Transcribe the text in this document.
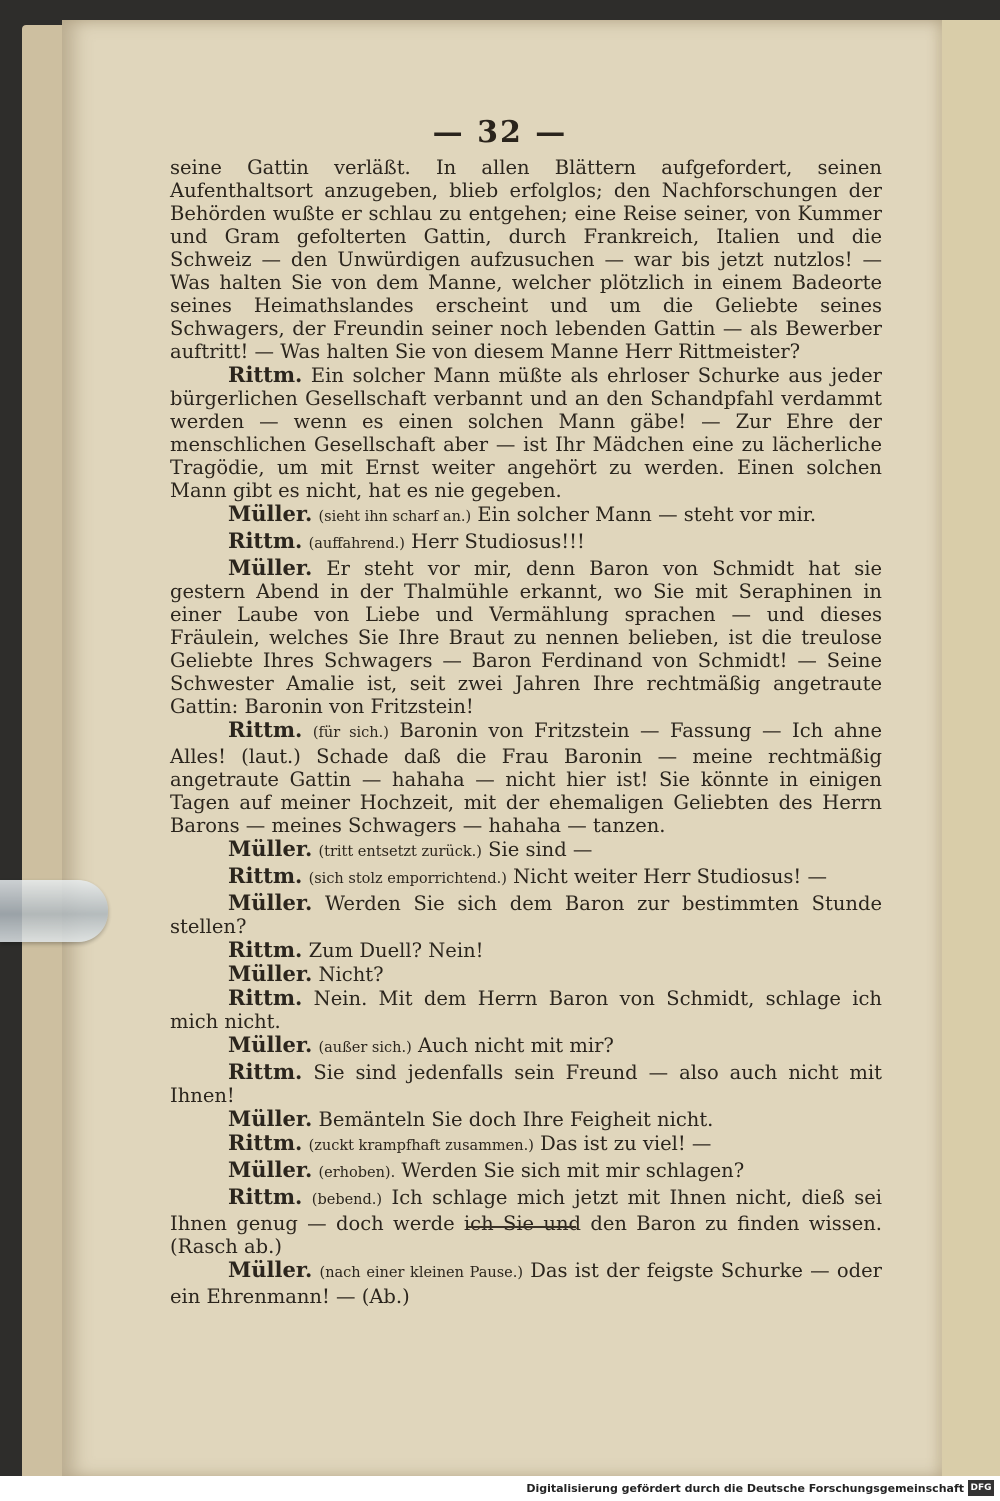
— 32 —

seine Gattin verläßt. In allen Blättern aufgefordert, seinen Aufenthaltsort anzugeben, blieb erfolglos; den Nachforschungen der Behörden wußte er schlau zu entgehen; eine Reise seiner, von Kummer und Gram gefolterten Gattin, durch Frankreich, Italien und die Schweiz — den Unwürdigen aufzusuchen — war bis jetzt nutzlos! — Was halten Sie von dem Manne, welcher plötzlich in einem Badeorte seines Heimathslandes erscheint und um die Geliebte seines Schwagers, der Freundin seiner noch lebenden Gattin — als Bewerber auftritt! — Was halten Sie von diesem Manne Herr Rittmeister?

Rittm. Ein solcher Mann müßte als ehrloser Schurke aus jeder bürgerlichen Gesellschaft verbannt und an den Schandpfahl verdammt werden — wenn es einen solchen Mann gäbe! — Zur Ehre der menschlichen Gesellschaft aber — ist Ihr Mädchen eine zu lächerliche Tragödie, um mit Ernst weiter angehört zu werden. Einen solchen Mann gibt es nicht, hat es nie gegeben.

Müller. (sieht ihn scharf an.) Ein solcher Mann — steht vor mir.

Rittm. (auffahrend.) Herr Studiosus!!!

Müller. Er steht vor mir, denn Baron von Schmidt hat sie gestern Abend in der Thalmühle erkannt, wo Sie mit Seraphinen in einer Laube von Liebe und Vermählung sprachen — und dieses Fräulein, welches Sie Ihre Braut zu nennen belieben, ist die treulose Geliebte Ihres Schwagers — Baron Ferdinand von Schmidt! — Seine Schwester Amalie ist, seit zwei Jahren Ihre rechtmäßig angetraute Gattin: Baronin von Fritzstein!

Rittm. (für sich.) Baronin von Fritzstein — Fassung — Ich ahne Alles! (laut.) Schade daß die Frau Baronin — meine rechtmäßig angetraute Gattin — hahaha — nicht hier ist! Sie könnte in einigen Tagen auf meiner Hochzeit, mit der ehemaligen Geliebten des Herrn Barons — meines Schwagers — hahaha — tanzen.

Müller. (tritt entsetzt zurück.) Sie sind —

Rittm. (sich stolz emporrichtend.) Nicht weiter Herr Studiosus! —

Müller. Werden Sie sich dem Baron zur bestimmten Stunde stellen?

Rittm. Zum Duell? Nein!

Müller. Nicht?

Rittm. Nein. Mit dem Herrn Baron von Schmidt, schlage ich mich nicht.

Müller. (außer sich.) Auch nicht mit mir?

Rittm. Sie sind jedenfalls sein Freund — also auch nicht mit Ihnen!

Müller. Bemänteln Sie doch Ihre Feigheit nicht.

Rittm. (zuckt krampfhaft zusammen.) Das ist zu viel! —

Müller. (erhoben). Werden Sie sich mit mir schlagen?

Rittm. (bebend.) Ich schlage mich jetzt mit Ihnen nicht, dieß sei Ihnen genug — doch werde ich Sie und den Baron zu finden wissen. (Rasch ab.)

Müller. (nach einer kleinen Pause.) Das ist der feigste Schurke — oder ein Ehrenmann! — (Ab.)

Digitalisierung gefördert durch die Deutsche Forschungsgemeinschaft DFG
